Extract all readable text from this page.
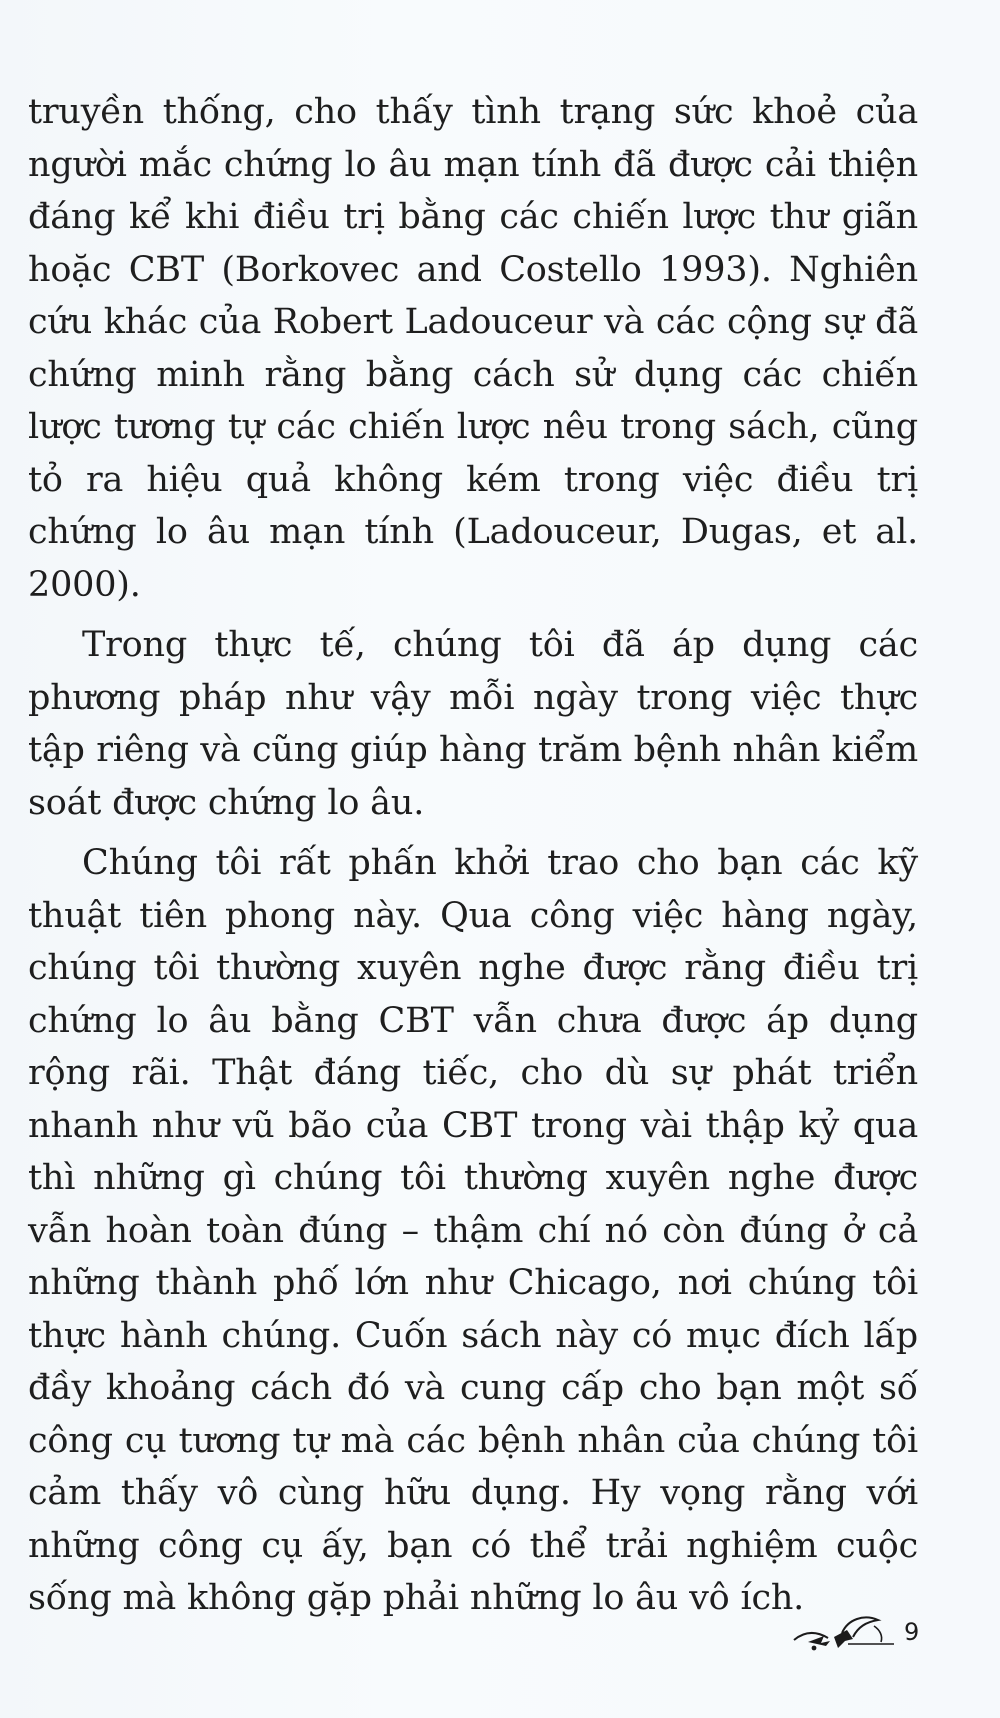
truyền thống, cho thấy tình trạng sức khoẻ của người mắc chứng lo âu mạn tính đã được cải thiện đáng kể khi điều trị bằng các chiến lược thư giãn hoặc CBT (Borkovec and Costello 1993). Nghiên cứu khác của Robert Ladouceur và các cộng sự đã chứng minh rằng bằng cách sử dụng các chiến lược tương tự các chiến lược nêu trong sách, cũng tỏ ra hiệu quả không kém trong việc điều trị chứng lo âu mạn tính (Ladouceur, Dugas, et al. 2000).

Trong thực tế, chúng tôi đã áp dụng các phương pháp như vậy mỗi ngày trong việc thực tập riêng và cũng giúp hàng trăm bệnh nhân kiểm soát được chứng lo âu.

Chúng tôi rất phấn khởi trao cho bạn các kỹ thuật tiên phong này. Qua công việc hàng ngày, chúng tôi thường xuyên nghe được rằng điều trị chứng lo âu bằng CBT vẫn chưa được áp dụng rộng rãi. Thật đáng tiếc, cho dù sự phát triển nhanh như vũ bão của CBT trong vài thập kỷ qua thì những gì chúng tôi thường xuyên nghe được vẫn hoàn toàn đúng – thậm chí nó còn đúng ở cả những thành phố lớn như Chicago, nơi chúng tôi thực hành chúng. Cuốn sách này có mục đích lấp đầy khoảng cách đó và cung cấp cho bạn một số công cụ tương tự mà các bệnh nhân của chúng tôi cảm thấy vô cùng hữu dụng. Hy vọng rằng với những công cụ ấy, bạn có thể trải nghiệm cuộc sống mà không gặp phải những lo âu vô ích.

9
